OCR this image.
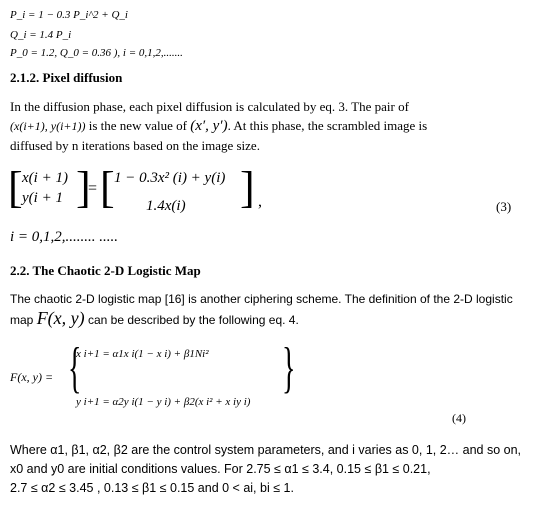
P_i = 1 − 0.3 P_i^2 + Q_i
Q_i = 1.4 P_i
P_0 = 1.2, Q_0 = 0.36 ), i = 0,1,2,.......
2.1.2. Pixel diffusion
In the diffusion phase, each pixel diffusion is calculated by eq. 3. The pair of
(x(i+1), y(i+1)) is the new value of (x′, y′). At this phase, the scrambled image is
diffused by n iterations based on the image size.
[ x(i + 1)
y(i + 1 ]
= [ 1 − 0.3x² (i) + y(i)
1.4x(i) ] ,	(3)
i = 0,1,2,........ .....
2.2. The Chaotic 2-D Logistic Map
The chaotic 2-D logistic map [16] is another ciphering scheme. The definition of the 2-D logistic
map F(x, y) can be described by the following eq. 4.
F(x, y) = {
x i+1 = α1x i(1 − x i) + β1Ni²
y i+1 = α2y i(1 − y i) + β2(x i² + x iy i)
}
(4)
Where α1, β1, α2, β2 are the control system parameters, and i varies as 0, 1, 2… and so on,
x0 and y0 are initial conditions values. For 2.75 ≤ α1 ≤ 3.4, 0.15 ≤ β1 ≤ 0.21,
2.7 ≤ α2 ≤ 3.45 , 0.13 ≤ β1 ≤ 0.15 and 0 < ai, bi ≤ 1.
